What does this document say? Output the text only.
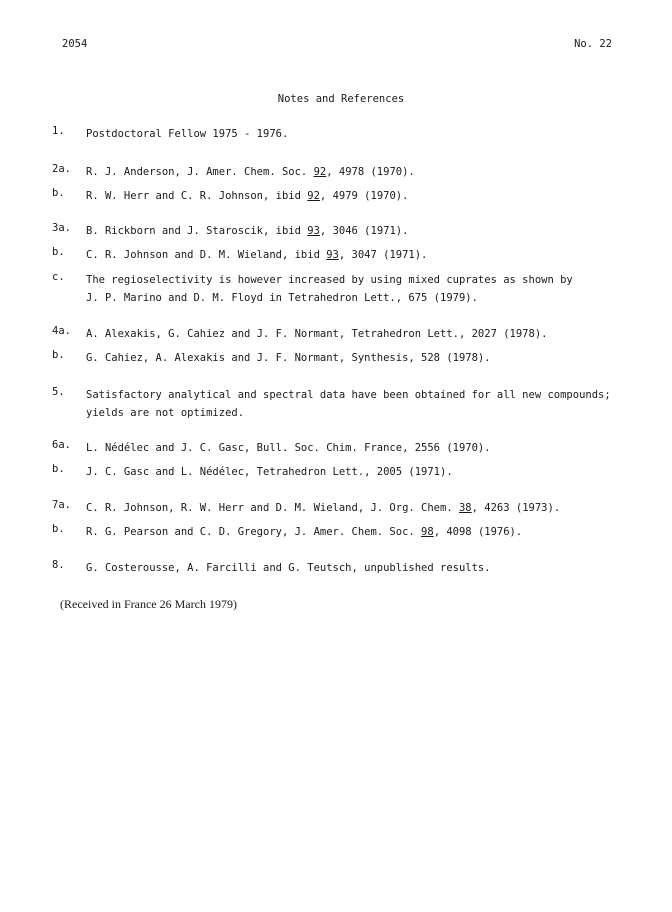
2054	No. 22
Notes and References
1.	Postdoctoral Fellow 1975 - 1976.
2a.	R. J. Anderson, J. Amer. Chem. Soc. 92, 4978 (1970).
b.	R. W. Herr and C. R. Johnson, ibid 92, 4979 (1970).
3a.	B. Rickborn and J. Staroscik, ibid 93, 3046 (1971).
b.	C. R. Johnson and D. M. Wieland, ibid 93, 3047 (1971).
c.	The regioselectivity is however increased by using mixed cuprates as shown by
J. P. Marino and D. M. Floyd in Tetrahedron Lett., 675 (1979).
4a.	A. Alexakis, G. Cahiez and J. F. Normant, Tetrahedron Lett., 2027 (1978).
b.	G. Cahiez, A. Alexakis and J. F. Normant, Synthesis, 528 (1978).
5.	Satisfactory analytical and spectral data have been obtained for all new compounds;
yields are not optimized.
6a.	L. Nédélec and J. C. Gasc, Bull. Soc. Chim. France, 2556 (1970).
b.	J. C. Gasc and L. Nédélec, Tetrahedron Lett., 2005 (1971).
7a.	C. R. Johnson, R. W. Herr and D. M. Wieland, J. Org. Chem. 38, 4263 (1973).
b.	R. G. Pearson and C. D. Gregory, J. Amer. Chem. Soc. 98, 4098 (1976).
8.	G. Costerousse, A. Farcilli and G. Teutsch, unpublished results.
(Received in France 26 March 1979)
